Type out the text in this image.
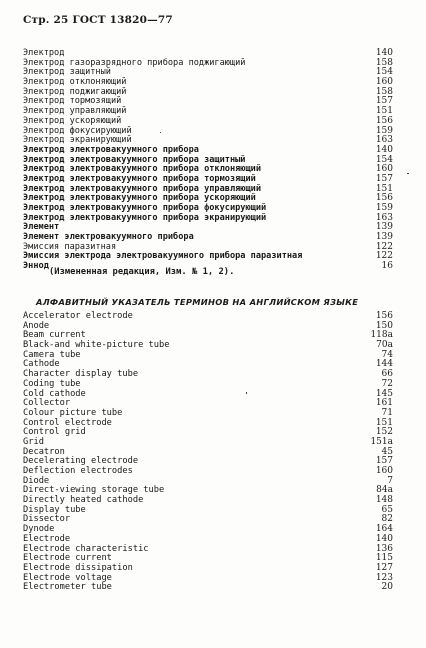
Стр. 25 ГОСТ 13820—77
Электрод	140
Электрод газоразрядного прибора поджигающий	158
Электрод защитный	154
Электрод отклоняющий	160
Электрод поджигающий	158
Электрод тормозящий	157
Электрод управляющий	151
Электрод ускоряющий	156
Электрод фокусирующий	159
Электрод экранирующий	163
Электрод электровакуумного прибора	140
Электрод электровакуумного прибора защитный	154
Электрод электровакуумного прибора отклоняющий	160
Электрод электровакуумного прибора тормозящий	157
Электрод электровакуумного прибора управляющий	151
Электрод электровакуумного прибора ускоряющий	156
Электрод электровакуумного прибора фокусирующий	159
Электрод электровакуумного прибора экранирующий	163
Элемент	139
Элемент электровакуумного прибора	139
Эмиссия паразитная	122
Эмиссия электрода электровакуумного прибора паразитная	122
Эннод	16
(Измененная редакция, Изм. № 1, 2).
АЛФАВИТНЫЙ УКАЗАТЕЛЬ ТЕРМИНОВ НА АНГЛИЙСКОМ ЯЗЫКЕ
Accelerator electrode	156
Anode	150
Beam current	118a
Black-and white-picture tube	70a
Camera tube	74
Cathode	144
Character display tube	66
Coding tube	72
Cold cathode	145
Collector	161
Colour picture tube	71
Control electrode	151
Control grid	152
Grid	151a
Decatron	45
Decelerating electrode	157
Deflection electrodes	160
Diode	7
Direct-viewing storage tube	84a
Directly heated cathode	148
Display tube	65
Dissector	82
Dynode	164
Electrode	140
Electrode characteristic	136
Electrode current	115
Electrode dissipation	127
Electrode voltage	123
Electrometer tube	20
